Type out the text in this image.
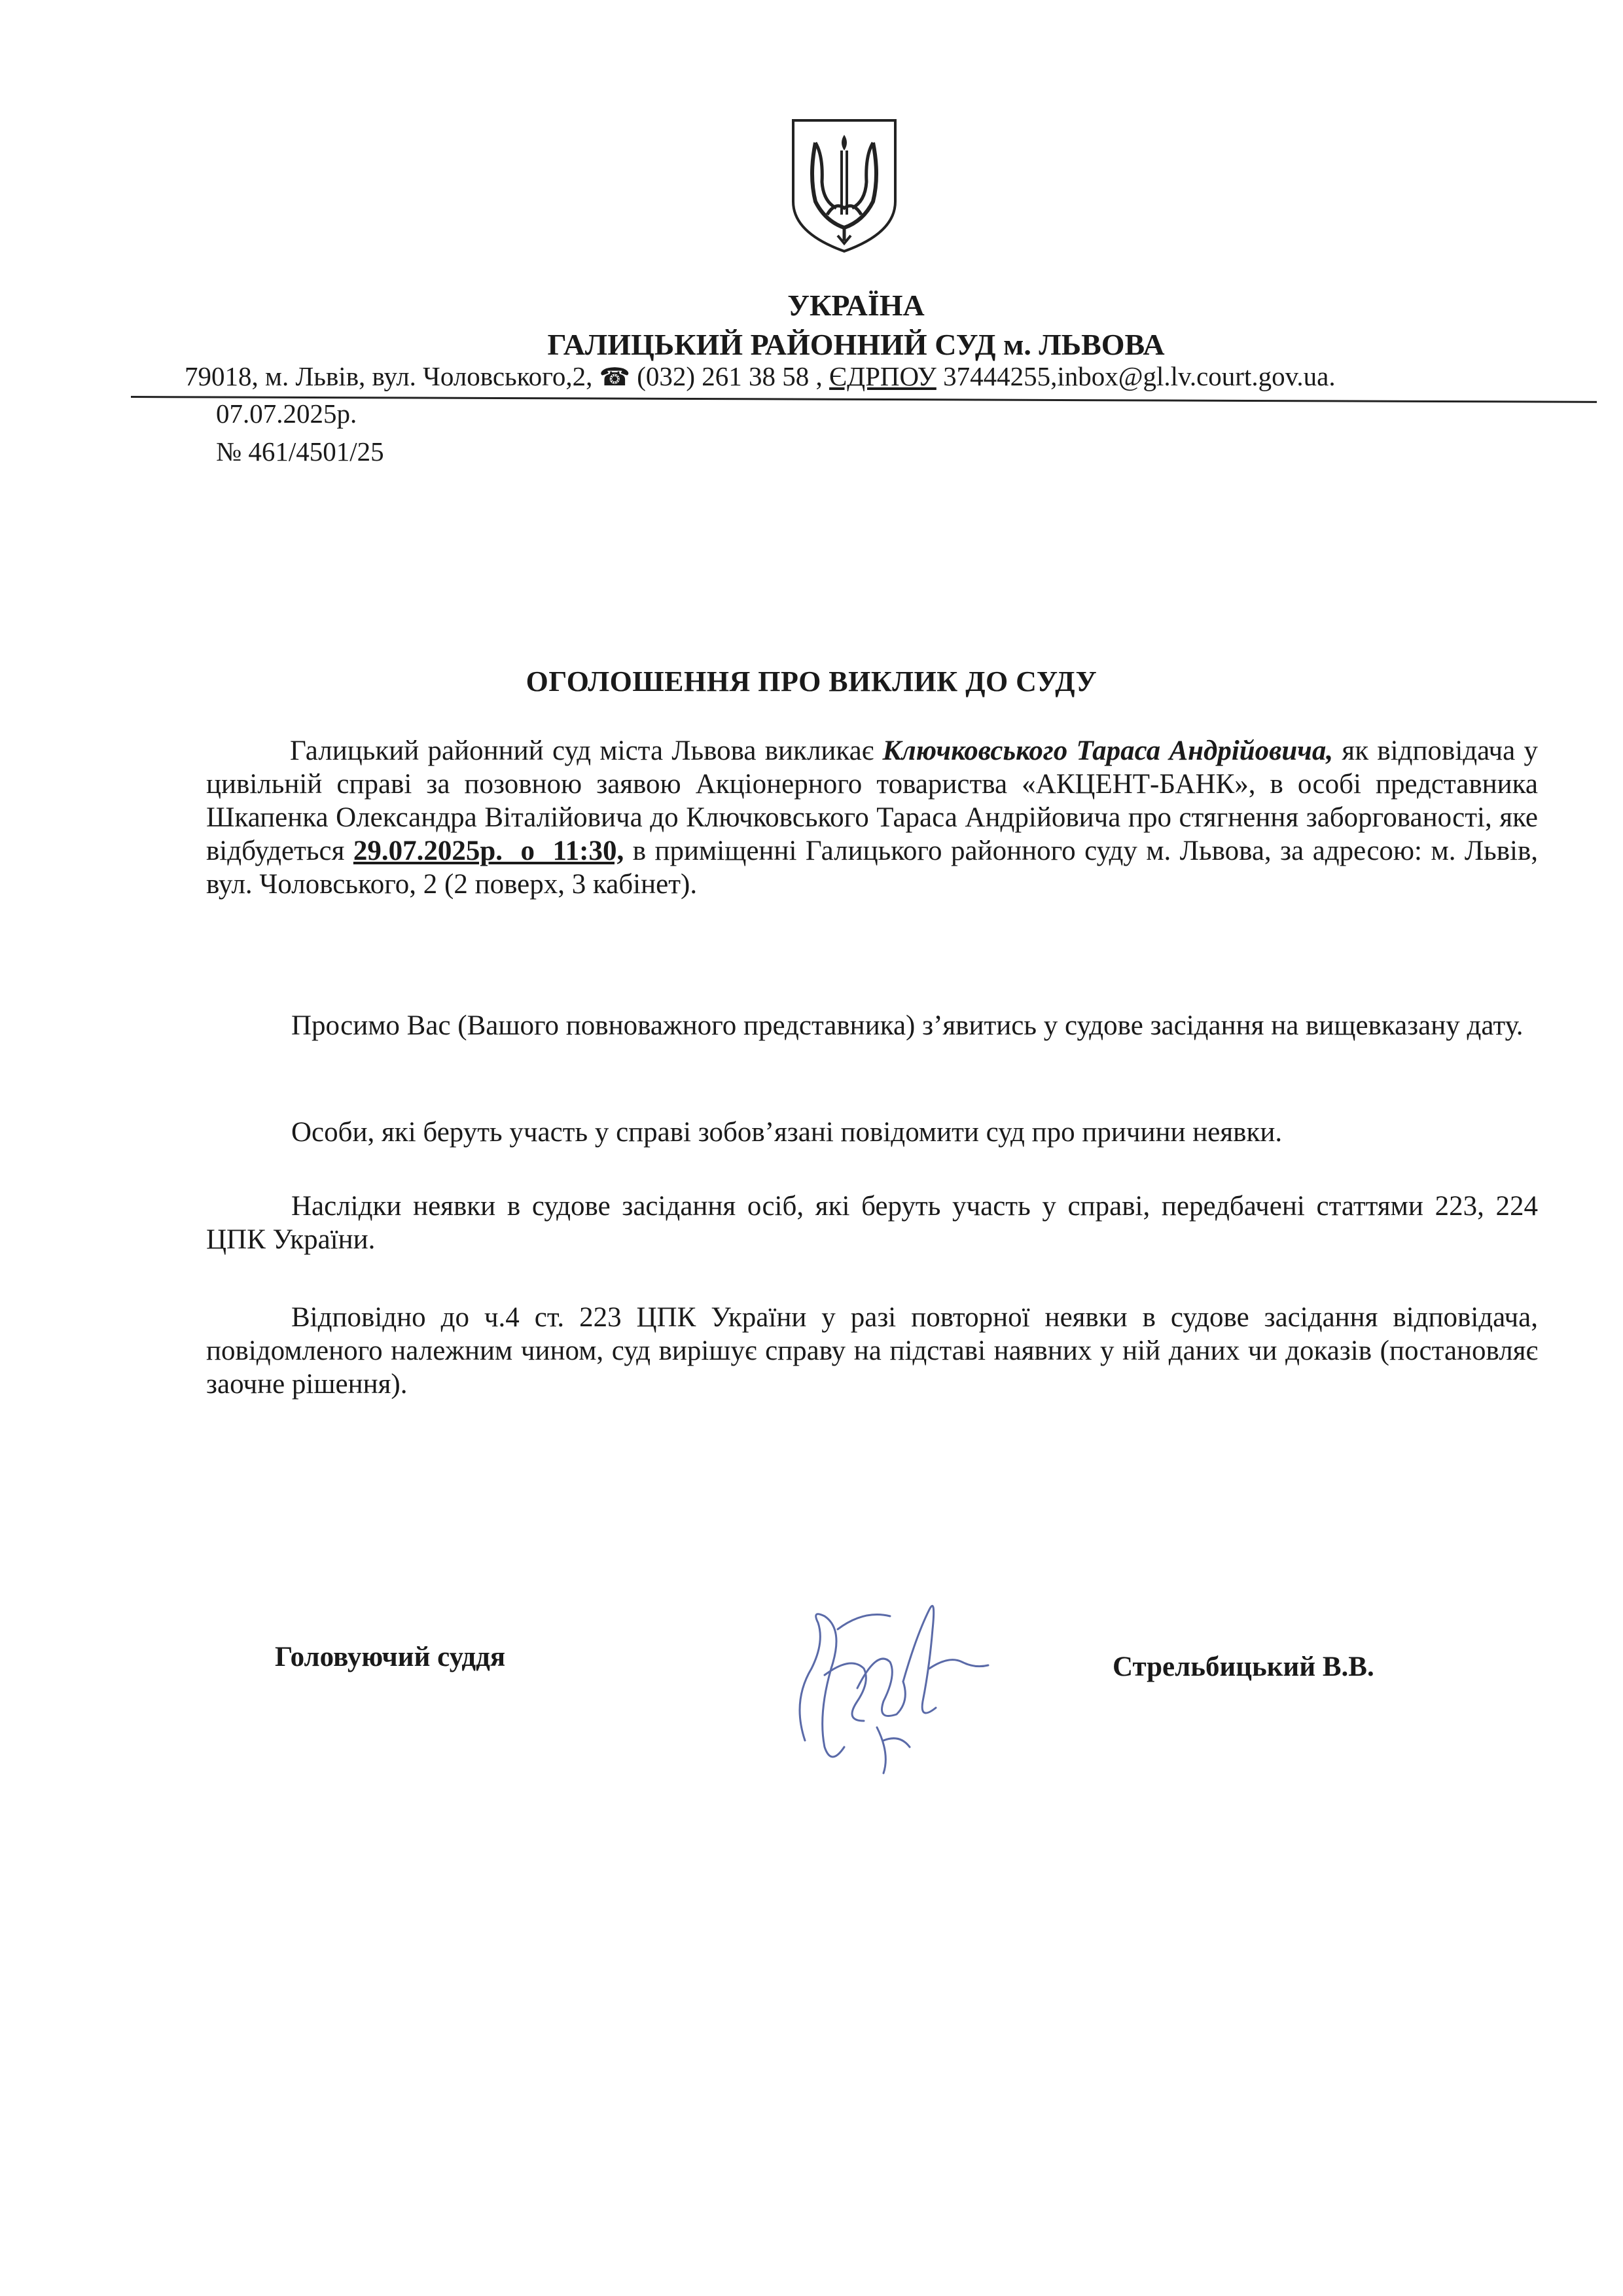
УКРАЇНА
ГАЛИЦЬКИЙ РАЙОННИЙ СУД м. ЛЬВОВА
79018, м. Львів, вул. Чоловського,2, ☎ (032) 261 38 58 , ЄДРПОУ 37444255,inbox@gl.lv.court.gov.ua.
07.07.2025р.
№ 461/4501/25
ОГОЛОШЕННЯ ПРО ВИКЛИК ДО СУДУ
Галицький районний суд міста Львова викликає Ключковського Тараса Андрійовича, як відповідача у цивільній справі за позовною заявою Акціонерного товариства «АКЦЕНТ-БАНК», в особі представника Шкапенка Олександра Віталійовича до Ключковського Тараса Андрійовича про стягнення заборгованості, яке відбудеться 29.07.2025р. о 11:30, в приміщенні Галицького районного суду м. Львова, за адресою: м. Львів, вул. Чоловського, 2 (2 поверх, 3 кабінет).
Просимо Вас (Вашого повноважного представника) з’явитись у судове засідання на вищевказану дату.
Особи, які беруть участь у справі зобов’язані повідомити суд про причини неявки.
Наслідки неявки в судове засідання осіб, які беруть участь у справі, передбачені статтями 223, 224 ЦПК України.
Відповідно до ч.4 ст. 223 ЦПК України у разі повторної неявки в судове засідання відповідача, повідомленого належним чином, суд вирішує справу на підставі наявних у ній даних чи доказів (постановляє заочне рішення).
Головуючий суддя	Стрельбицький В.В.
